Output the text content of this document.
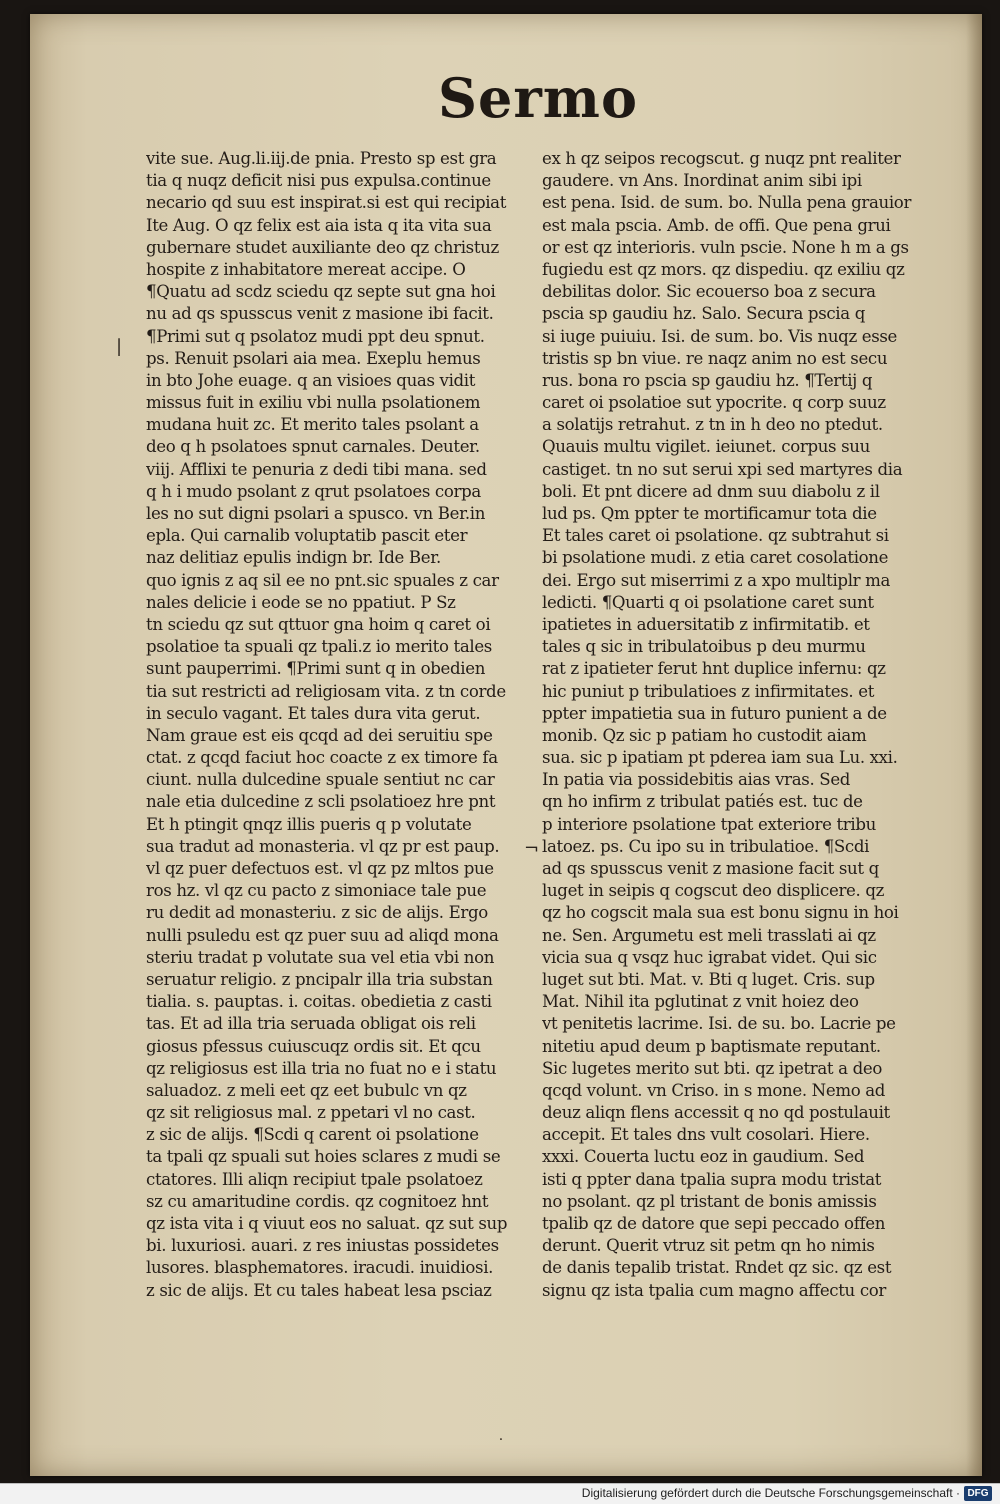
Sermo
vite sue. Aug.li.iij.de pnia. Presto sp est gra
tia q nuqz deficit nisi pus expulsa.continue
necario qd suu est inspirat.si est qui recipiat
Ite Aug. O qz felix est aia ista q ita vita sua
gubernare studet auxiliante deo qz christuz
hospite z inhabitatore mereat accipe. O
¶Quatu ad scdz sciedu qz septe sut gna hoi
nu ad qs spusscus venit z masione ibi facit.
¶Primi sut q psolatoz mudi ppt deu spnut.
ps. Renuit psolari aia mea. Exeplu hemus
in bto Johe euage. q an visioes quas vidit
missus fuit in exiliu vbi nulla psolationem
mudana huit zc. Et merito tales psolant a
deo q h psolatoes spnut carnales. Deuter.
viij. Afflixi te penuria z dedi tibi mana. sed
q h i mudo psolant z qrut psolatoes corpa
les no sut digni psolari a spusco. vn Ber.in
epla. Qui carnalib voluptatib pascit eter
naz delitiaz epulis indign br. Ide Ber.
quo ignis z aq sil ee no pnt.sic spuales z car
nales delicie i eode se no ppatiut. P Sz
tn sciedu qz sut qttuor gna hoim q caret oi
psolatioe ta spuali qz tpali.z io merito tales
sunt pauperrimi. ¶Primi sunt q in obedien
tia sut restricti ad religiosam vita. z tn corde
in seculo vagant. Et tales dura vita gerut.
Nam graue est eis qcqd ad dei seruitiu spe
ctat. z qcqd faciut hoc coacte z ex timore fa
ciunt. nulla dulcedine spuale sentiut nc car
nale etia dulcedine z scli psolatioez hre pnt
Et h ptingit qnqz illis pueris q p volutate
sua tradut ad monasteria. vl qz pr est paup.
vl qz puer defectuos est. vl qz pz mltos pue
ros hz. vl qz cu pacto z simoniace tale pue
ru dedit ad monasteriu. z sic de alijs. Ergo
nulli psuledu est qz puer suu ad aliqd mona
steriu tradat p volutate sua vel etia vbi non
seruatur religio. z pncipalr illa tria substan
tialia. s. pauptas. i. coitas. obedietia z casti
tas. Et ad illa tria seruada obligat ois reli
giosus pfessus cuiuscuqz ordis sit. Et qcu
qz religiosus est illa tria no fuat no e i statu
saluadoz. z meli eet qz eet bubulc vn qz
qz sit religiosus mal. z ppetari vl no cast.
z sic de alijs. ¶Scdi q carent oi psolatione
ta tpali qz spuali sut hoies sclares z mudi se
ctatores. Illi aliqn recipiut tpale psolatoez
sz cu amaritudine cordis. qz cognitoez hnt
qz ista vita i q viuut eos no saluat. qz sut sup
bi. luxuriosi. auari. z res iniustas possidetes
lusores. blasphematores. iracudi. inuidiosi.
z sic de alijs. Et cu tales habeat lesa psciaz
ex h qz seipos recogscut. g nuqz pnt realiter
gaudere. vn Ans. Inordinat anim sibi ipi
est pena. Isid. de sum. bo. Nulla pena grauior
est mala pscia. Amb. de offi. Que pena grui
or est qz interioris. vuln pscie. None h m a gs
fugiedu est qz mors. qz dispediu. qz exiliu qz
debilitas dolor. Sic ecouerso boa z secura
pscia sp gaudiu hz. Salo. Secura pscia q
si iuge puiuiu. Isi. de sum. bo. Vis nuqz esse
tristis sp bn viue. re naqz anim no est secu
rus. bona ro pscia sp gaudiu hz. ¶Tertij q
caret oi psolatioe sut ypocrite. q corp suuz
a solatijs retrahut. z tn in h deo no ptedut.
Quauis multu vigilet. ieiunet. corpus suu
castiget. tn no sut serui xpi sed martyres dia
boli. Et pnt dicere ad dnm suu diabolu z il
lud ps. Qm ppter te mortificamur tota die
Et tales caret oi psolatione. qz subtrahut si
bi psolatione mudi. z etia caret cosolatione
dei. Ergo sut miserrimi z a xpo multiplr ma
ledicti. ¶Quarti q oi psolatione caret sunt
ipatietes in aduersitatib z infirmitatib. et
tales q sic in tribulatoibus p deu murmu
rat z ipatieter ferut hnt duplice infernu: qz
hic puniut p tribulatioes z infirmitates. et
ppter impatietia sua in futuro punient a de
monib. Qz sic p patiam ho custodit aiam
sua. sic p ipatiam pt pderea iam sua Lu. xxi.
In patia via possidebitis aias vras. Sed
qn ho infirm z tribulat patiés est. tuc de
p interiore psolatione tpat exteriore tribu
latoez. ps. Cu ipo su in tribulatioe. ¶Scdi
ad qs spusscus venit z masione facit sut q
luget in seipis q cogscut deo displicere. qz
qz ho cogscit mala sua est bonu signu in hoi
ne. Sen. Argumetu est meli trasslati ai qz
vicia sua q vsqz huc igrabat videt. Qui sic
luget sut bti. Mat. v. Bti q luget. Cris. sup
Mat. Nihil ita pglutinat z vnit hoiez deo
vt penitetis lacrime. Isi. de su. bo. Lacrie pe
nitetiu apud deum p baptismate reputant.
Sic lugetes merito sut bti. qz ipetrat a deo
qcqd volunt. vn Criso. in s mone. Nemo ad
deuz aliqn flens accessit q no qd postulauit
accepit. Et tales dns vult cosolari. Hiere.
xxxi. Couerta luctu eoz in gaudium. Sed
isti q ppter dana tpalia supra modu tristat
no psolant. qz pl tristant de bonis amissis
tpalib qz de datore que sepi peccado offen
derunt. Querit vtruz sit petm qn ho nimis
de danis tepalib tristat. Rndet qz sic. qz est
signu qz ista tpalia cum magno affectu cor
|
¬
·
Digitalisierung gefördert durch die Deutsche Forschungsgemeinschaft · DFG
